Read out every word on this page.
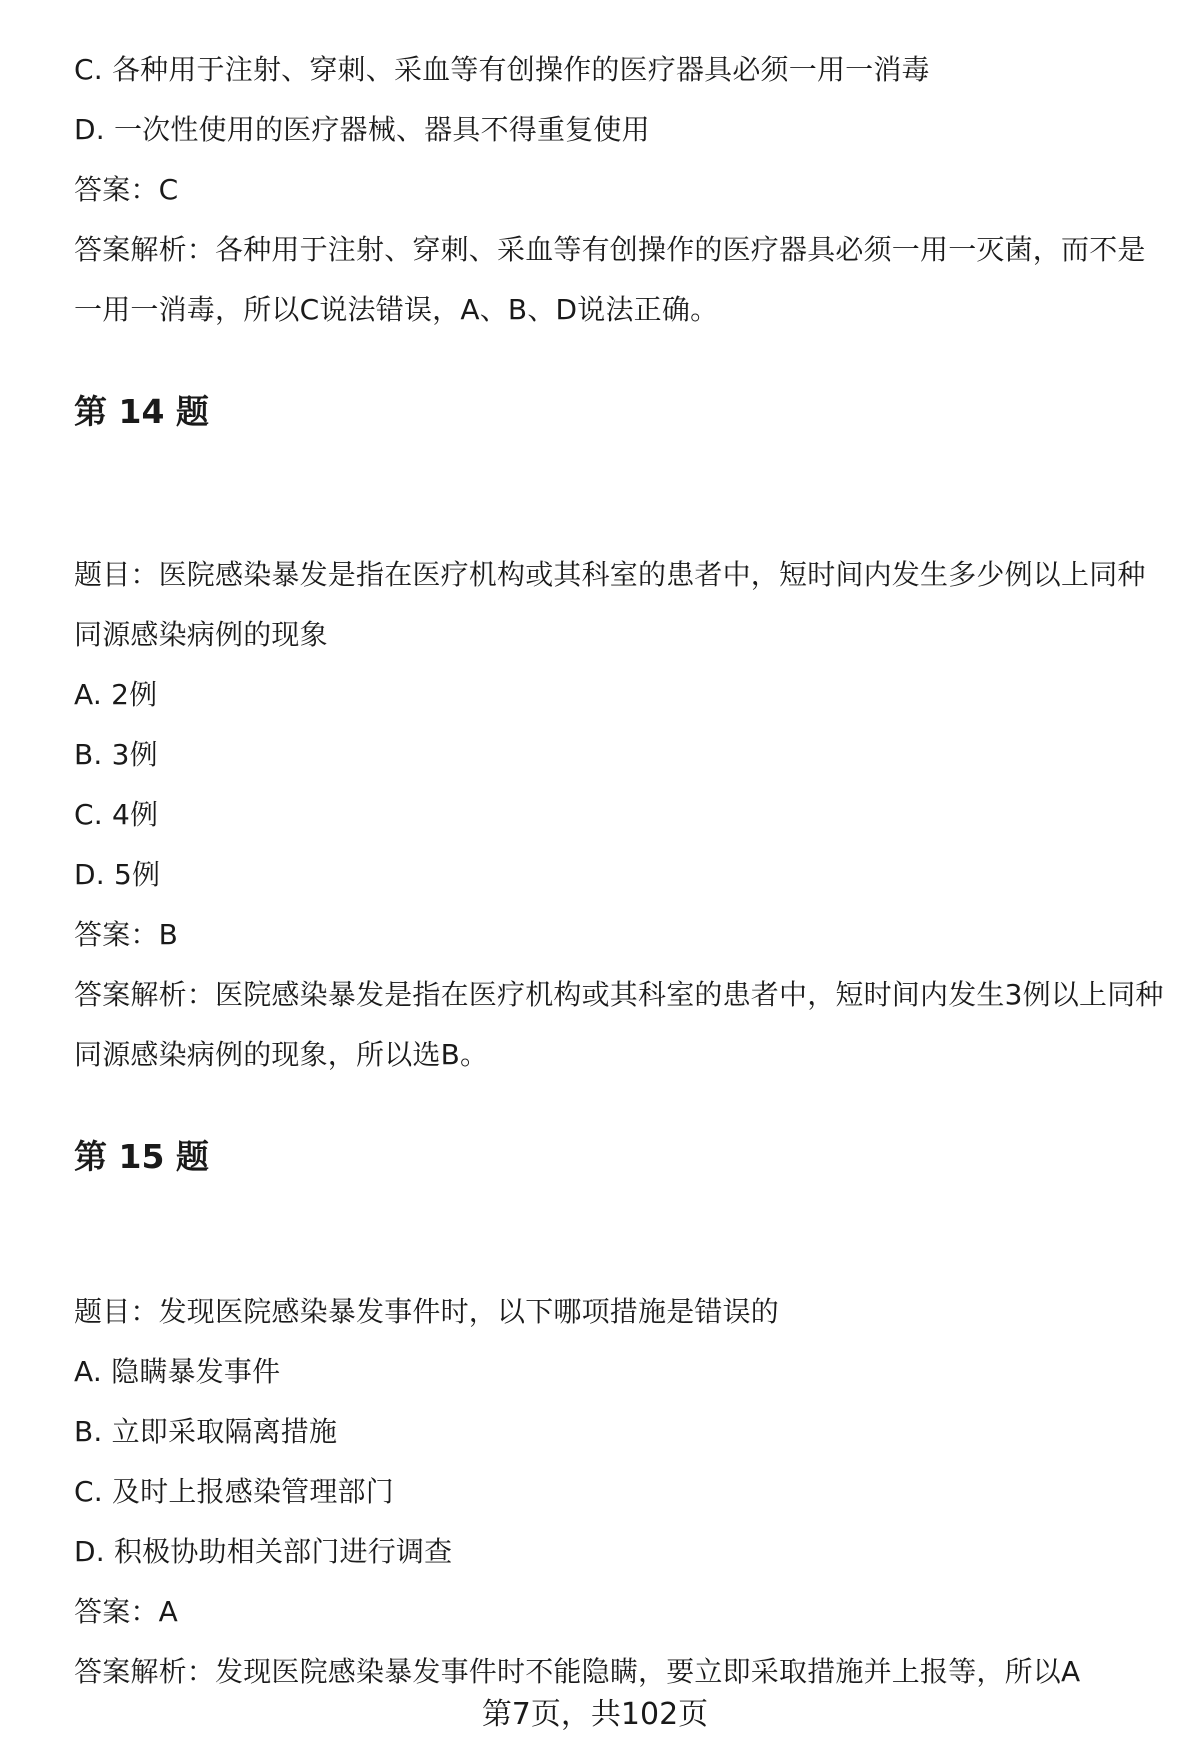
C. 各种用于注射、穿刺、采血等有创操作的医疗器具必须一用一消毒
D. 一次性使用的医疗器械、器具不得重复使用
答案：C
答案解析：各种用于注射、穿刺、采血等有创操作的医疗器具必须一用一灭菌，而不是一用一消毒，所以C说法错误，A、B、D说法正确。
第 14 题
题目：医院感染暴发是指在医疗机构或其科室的患者中，短时间内发生多少例以上同种同源感染病例的现象
A. 2例
B. 3例
C. 4例
D. 5例
答案：B
答案解析：医院感染暴发是指在医疗机构或其科室的患者中，短时间内发生3例以上同种同源感染病例的现象，所以选B。
第 15 题
题目：发现医院感染暴发事件时，以下哪项措施是错误的
A. 隐瞒暴发事件
B. 立即采取隔离措施
C. 及时上报感染管理部门
D. 积极协助相关部门进行调查
答案：A
答案解析：发现医院感染暴发事件时不能隐瞒，要立即采取措施并上报等，所以A
第7页，共102页
